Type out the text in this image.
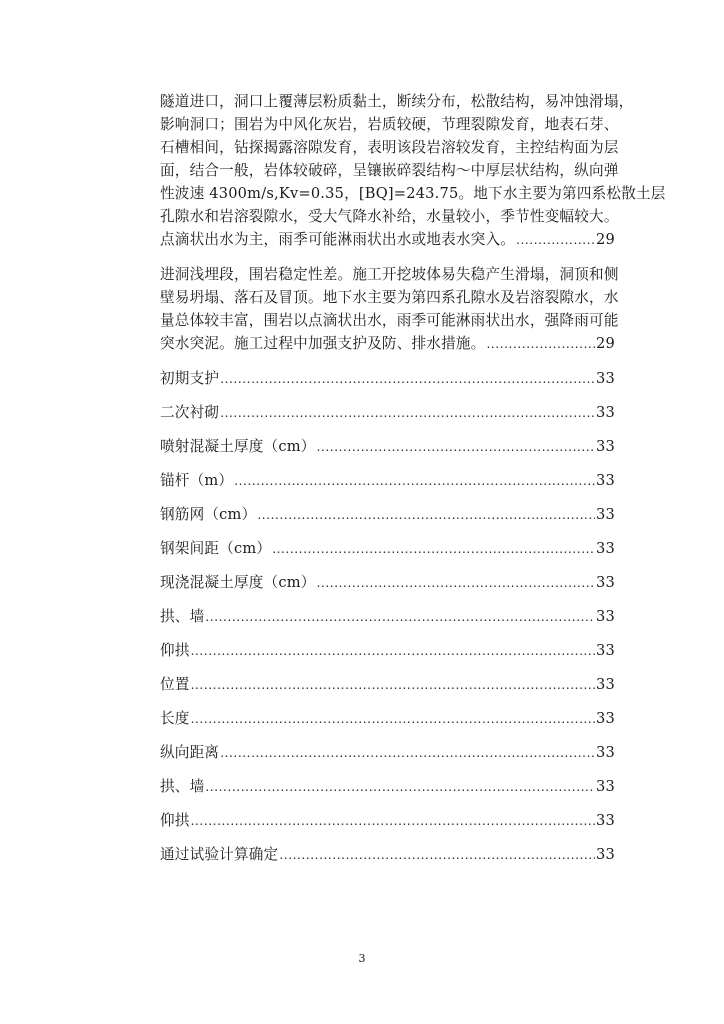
隧道进口，洞口上覆薄层粉质黏土，断续分布，松散结构，易冲蚀滑塌，
影响洞口；围岩为中风化灰岩，岩质较硬，节理裂隙发育，地表石芽、
石槽相间，钻探揭露溶隙发育，表明该段岩溶较发育，主控结构面为层
面，结合一般，岩体较破碎，呈镶嵌碎裂结构～中厚层状结构，纵向弹
性波速 4300m/s,Kv=0.35，[BQ]=243.75。地下水主要为第四系松散土层
孔隙水和岩溶裂隙水，受大气降水补给，水量较小，季节性变幅较大。
点滴状出水为主，雨季可能淋雨状出水或地表水突入。 .....	29
进洞浅埋段，围岩稳定性差。施工开挖坡体易失稳产生滑塌，洞顶和侧
壁易坍塌、落石及冒顶。地下水主要为第四系孔隙水及岩溶裂隙水，水
量总体较丰富，围岩以点滴状出水，雨季可能淋雨状出水，强降雨可能
突水突泥。施工过程中加强支护及防、排水措施。 .....	29
初期支护 .....	33
二次衬砌 .....	33
喷射混凝土厚度（cm） .....	33
锚杆（m） .....	33
钢筋网（cm） .....	33
钢架间距（cm） .....	33
现浇混凝土厚度（cm） .....	33
拱、墙 .....	33
仰拱 .....	33
位置 .....	33
长度 .....	33
纵向距离 .....	33
拱、墙 .....	33
仰拱 .....	33
通过试验计算确定 .....	33
3
